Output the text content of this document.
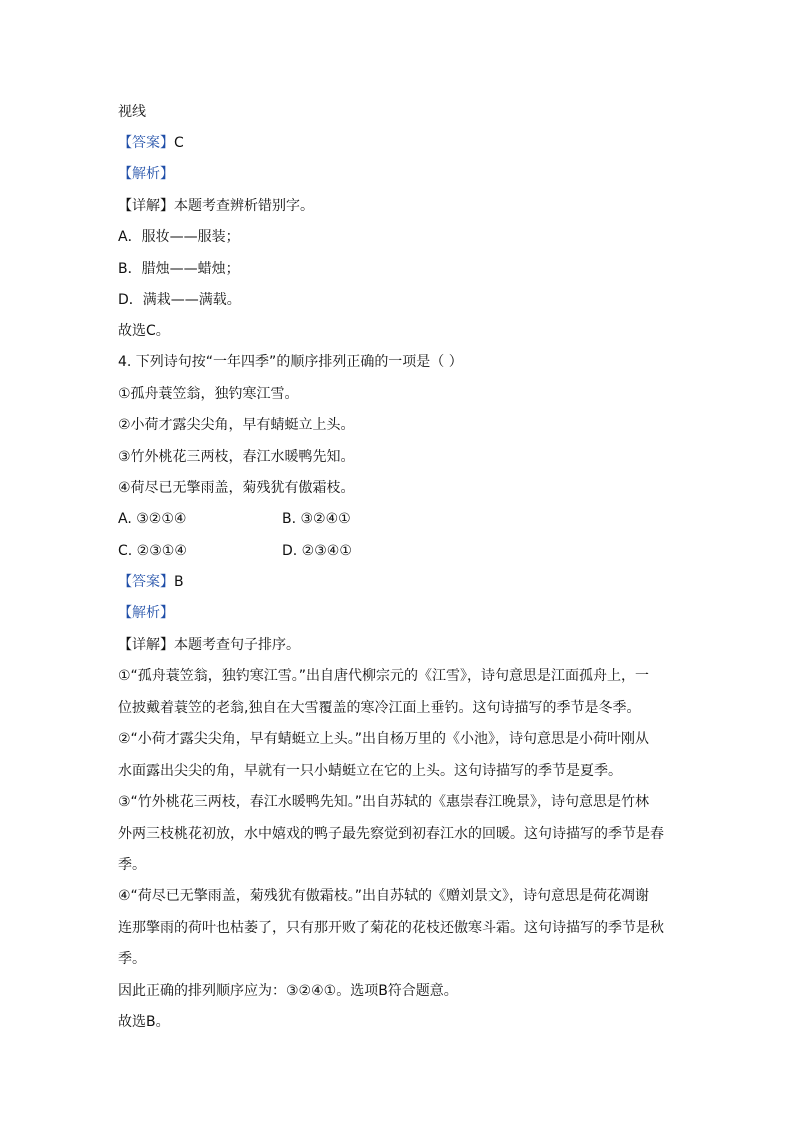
视线
【答案】C
【解析】
【详解】本题考查辨析错别字。
A．服妆——服装；
B．腊烛——蜡烛；
D．满栽——满载。
故选C。
4. 下列诗句按“一年四季”的顺序排列正确的一项是（ ）
①孤舟蓑笠翁，独钓寒江雪。
②小荷才露尖尖角，早有蜻蜓立上头。
③竹外桃花三两枝，春江水暖鸭先知。
④荷尽已无擎雨盖，菊残犹有傲霜枝。
A. ③②①④	B. ③②④①
C. ②③①④	D. ②③④①
【答案】B
【解析】
【详解】本题考查句子排序。
①“孤舟蓑笠翁，独钓寒江雪。”出自唐代柳宗元的《江雪》，诗句意思是江面孤舟上，一
位披戴着蓑笠的老翁,独自在大雪覆盖的寒冷江面上垂钓。这句诗描写的季节是冬季。
②“小荷才露尖尖角，早有蜻蜓立上头。”出自杨万里的《小池》，诗句意思是小荷叶刚从
水面露出尖尖的角，早就有一只小蜻蜓立在它的上头。这句诗描写的季节是夏季。
③“竹外桃花三两枝，春江水暖鸭先知。”出自苏轼的《惠崇春江晚景》，诗句意思是竹林
外两三枝桃花初放，水中嬉戏的鸭子最先察觉到初春江水的回暖。这句诗描写的季节是春
季。
④“荷尽已无擎雨盖，菊残犹有傲霜枝。”出自苏轼的《赠刘景文》，诗句意思是荷花凋谢
连那擎雨的荷叶也枯萎了，只有那开败了菊花的花枝还傲寒斗霜。这句诗描写的季节是秋
季。
因此正确的排列顺序应为：③②④①。选项B符合题意。
故选B。
